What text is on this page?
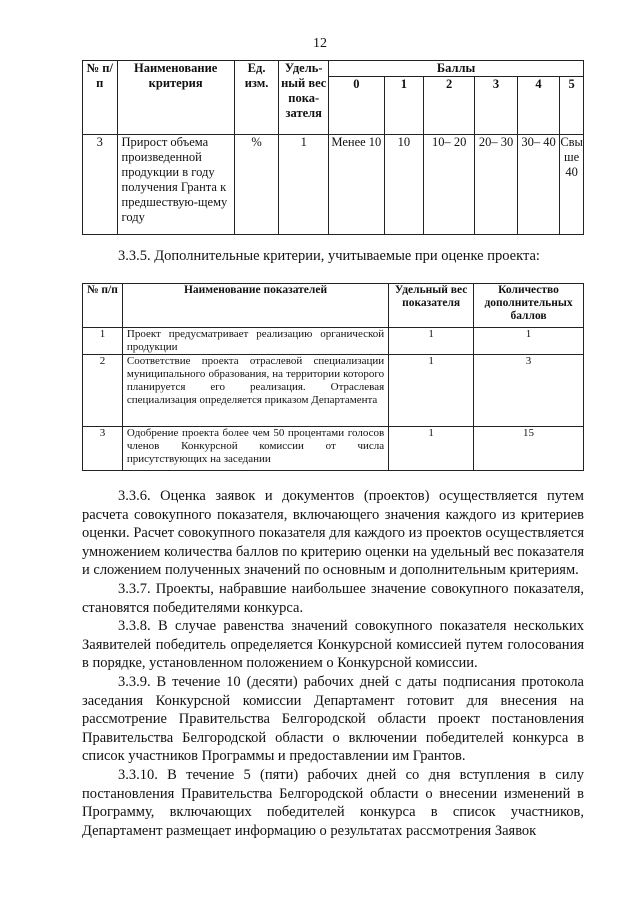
12
№ п/п	Наименование критерия	Ед. изм.	Удель-ный вес пока-зателя	Баллы					
				0	1	2	3	4	5
3	Прирост объема произведенной продукции в году получения Гранта к предшествую-щему году	%	1	Менее 10	10	10– 20	20– 30	30– 40	Свы ше 40
3.3.5. Дополнительные критерии, учитываемые при оценке проекта:
№ п/п	Наименование показателей	Удельный вес показателя	Количество дополнительных баллов
1	Проект предусматривает реализацию органической продукции	1	1
2	Соответствие проекта отраслевой специализации муниципального образования, на территории которого планируется его реализация. Отраслевая специализация определяется приказом Департамента	1	3
3	Одобрение проекта более чем 50 процентами голосов членов Конкурсной комиссии от числа присутствующих на заседании	1	15

3.3.6. Оценка заявок и документов (проектов) осуществляется путем расчета совокупного показателя, включающего значения каждого из критериев оценки. Расчет совокупного показателя для каждого из проектов осуществляется умножением количества баллов по критерию оценки на удельный вес показателя и сложением полученных значений по основным и дополнительным критериям.

3.3.7. Проекты, набравшие наибольшее значение совокупного показателя, становятся победителями конкурса.

3.3.8. В случае равенства значений совокупного показателя нескольких Заявителей победитель определяется Конкурсной комиссией путем голосования в порядке, установленном положением о Конкурсной комиссии.

3.3.9. В течение 10 (десяти) рабочих дней с даты подписания протокола заседания Конкурсной комиссии Департамент готовит для внесения на рассмотрение Правительства Белгородской области проект постановления Правительства Белгородской области о включении победителей конкурса в список участников Программы и предоставлении им Грантов.

3.3.10. В течение 5 (пяти) рабочих дней со дня вступления в силу постановления Правительства Белгородской области о внесении изменений в Программу, включающих победителей конкурса в список участников, Департамент размещает информацию о результатах рассмотрения Заявок
